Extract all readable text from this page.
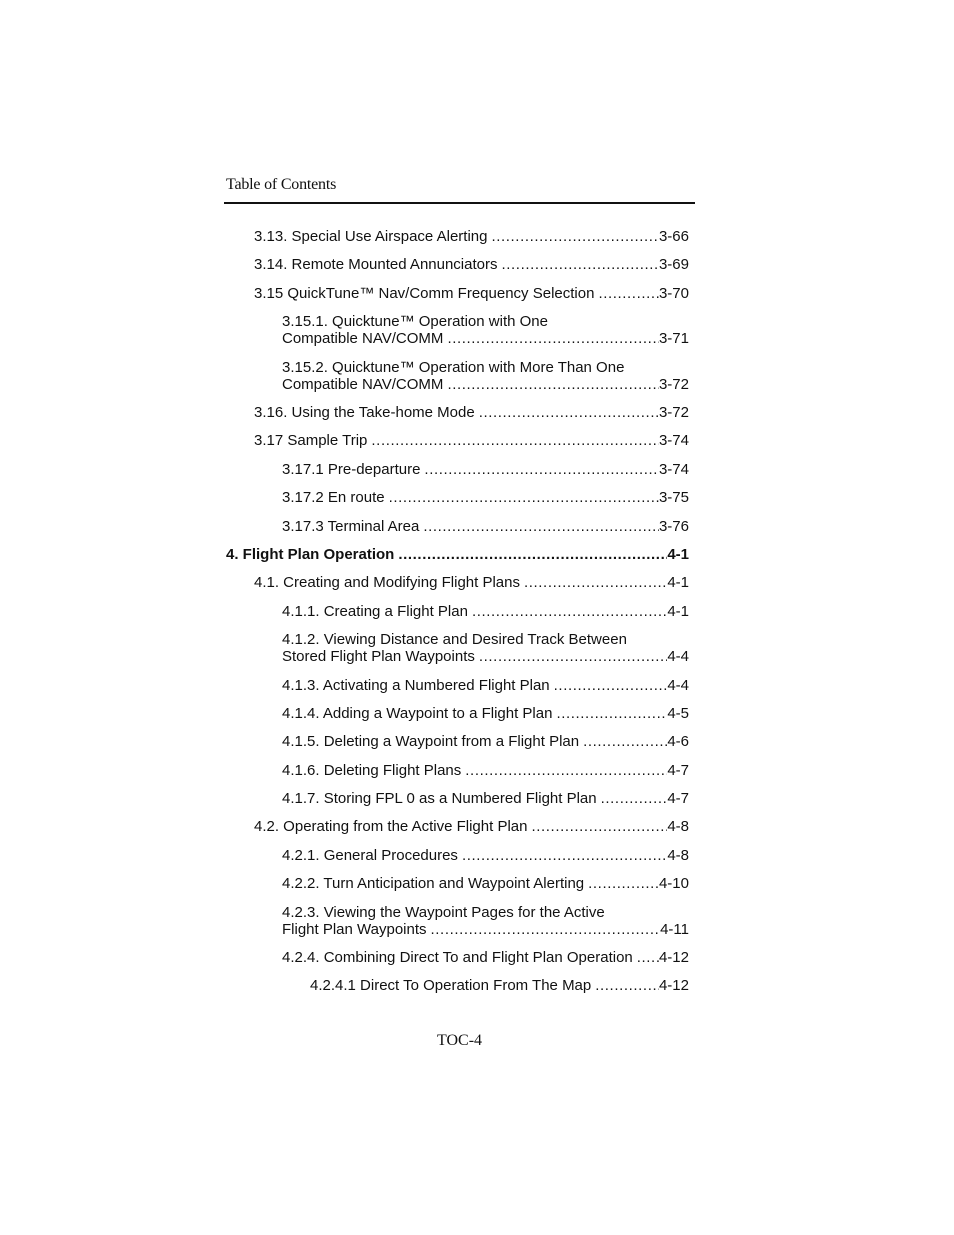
Table of Contents
3.13. Special Use Airspace Alerting .....	3-66
3.14. Remote Mounted Annunciators .....	3-69
3.15 QuickTune™ Nav/Comm Frequency Selection .....	3-70
3.15.1. Quicktune™ Operation with One
Compatible NAV/COMM .....	3-71
3.15.2. Quicktune™ Operation with More Than One
Compatible NAV/COMM .....	3-72
3.16. Using the Take-home Mode .....	3-72
3.17 Sample Trip .....	3-74
3.17.1 Pre-departure .....	3-74
3.17.2 En route .....	3-75
3.17.3 Terminal Area .....	3-76
4. Flight Plan Operation .....	4-1
4.1. Creating and Modifying Flight Plans .....	4-1
4.1.1. Creating a Flight Plan .....	4-1
4.1.2. Viewing Distance and Desired Track Between
Stored Flight Plan Waypoints .....	4-4
4.1.3. Activating a Numbered Flight Plan .....	4-4
4.1.4. Adding a Waypoint to a Flight Plan .....	4-5
4.1.5. Deleting a Waypoint from a Flight Plan .....	4-6
4.1.6. Deleting Flight Plans .....	4-7
4.1.7. Storing FPL 0 as a Numbered Flight Plan .....	4-7
4.2. Operating from the Active Flight Plan .....	4-8
4.2.1. General Procedures .....	4-8
4.2.2. Turn Anticipation and Waypoint Alerting .....	4-10
4.2.3. Viewing the Waypoint Pages for the Active
Flight Plan Waypoints .....	4-11
4.2.4. Combining Direct To and Flight Plan Operation ..... 4-12
4.2.4.1 Direct To Operation From The Map .....	4-12
TOC-4
